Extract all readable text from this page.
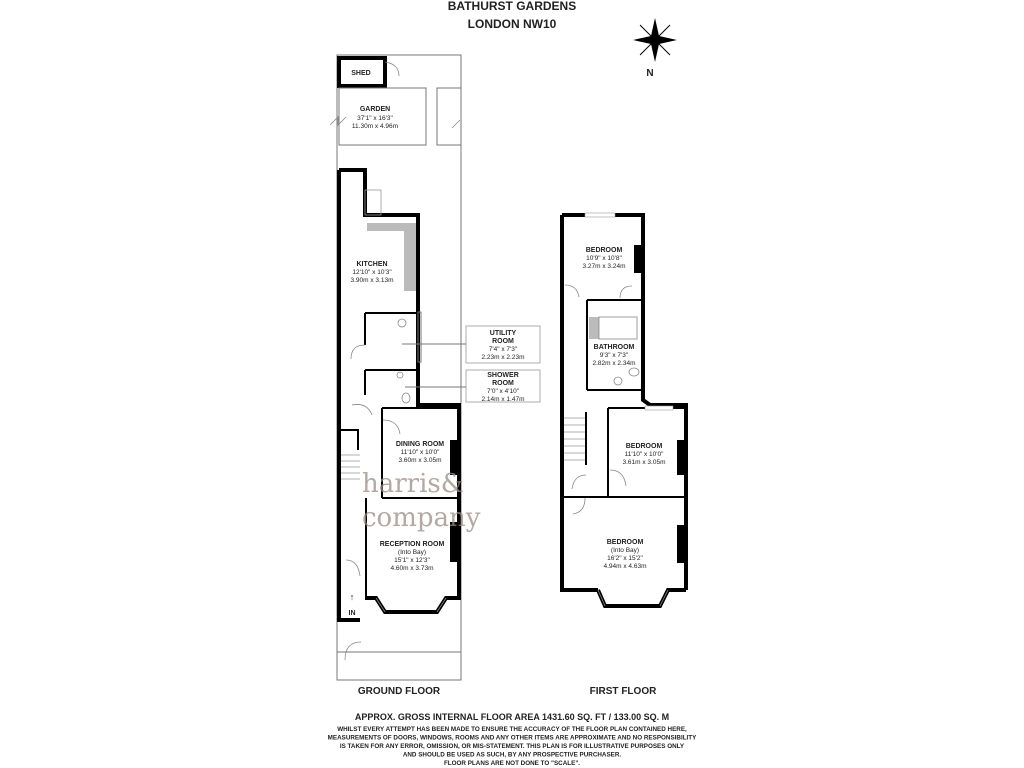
BATHURST GARDENS
LONDON NW10
N
GARDEN
37'1" x 16'3"
11.30m x 4.96m
SHED
KITCHEN
12'10" x 10'3"
3.90m x 3.13m
UTILITY
ROOM
7'4" x 7'3"
2.23m x 2.23m
SHOWER
ROOM
7'0" x 4'10"
2.14m x 1.47m
DINING ROOM
11'10" x 10'0"
3.60m x 3.05m
RECEPTION ROOM
(Into Bay)
15'1" x 12'3"
4.60m x 3.73m
↑
IN
harris&
company
BEDROOM
10'9" x 10'8"
3.27m x 3.24m
BATHROOM
9'3" x 7'3"
2.82m x 2.34m
BEDROOM
11'10" x 10'0"
3.61m x 3.05m
BEDROOM
(Into Bay)
16'2" x 15'2"
4.94m x 4.63m
GROUND FLOOR	FIRST FLOOR
APPROX. GROSS INTERNAL FLOOR AREA 1431.60 SQ. FT / 133.00 SQ. M
WHILST EVERY ATTEMPT HAS BEEN MADE TO ENSURE THE ACCURACY OF THE FLOOR PLAN CONTAINED HERE,
MEASUREMENTS OF DOORS, WINDOWS, ROOMS AND ANY OTHER ITEMS ARE APPROXIMATE AND NO RESPONSIBILITY
IS TAKEN FOR ANY ERROR, OMISSION, OR MIS-STATEMENT. THIS PLAN IS FOR ILLUSTRATIVE PURPOSES ONLY
AND SHOULD BE USED AS SUCH, BY ANY PROSPECTIVE PURCHASER.
FLOOR PLANS ARE NOT DONE TO "SCALE".
